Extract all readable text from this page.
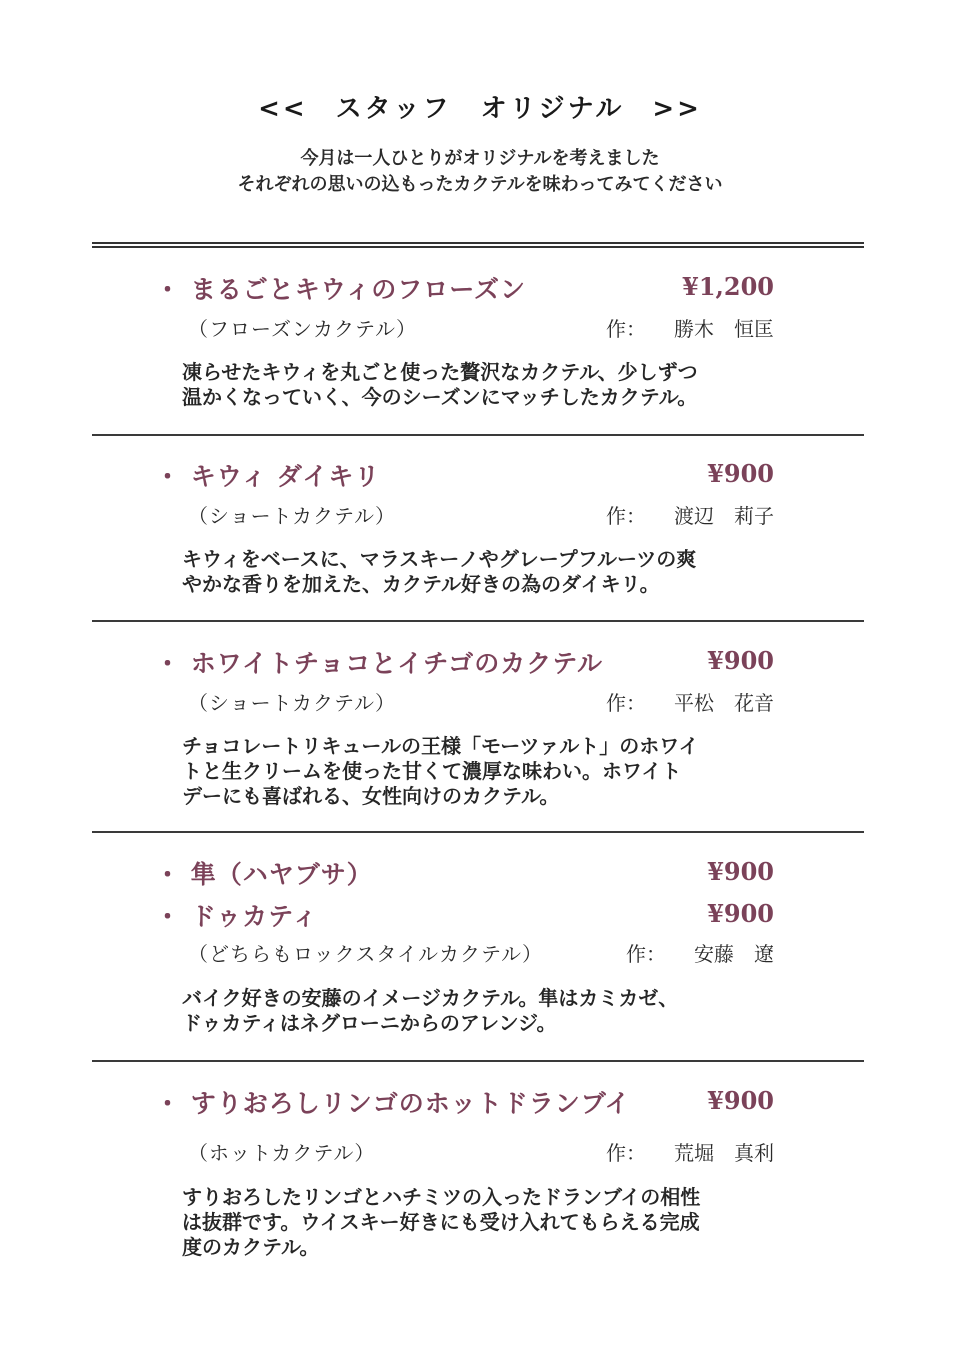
<< スタッフ　オリジナル >>
今月は一人ひとりがオリジナルを考えました
それぞれの思いの込もったカクテルを味わってみてください
・ まるごとキウィのフローズン	¥1,200
（フローズンカクテル）	作： 勝木　恒匡
凍らせたキウィを丸ごと使った贅沢なカクテル、少しずつ
温かくなっていく、今のシーズンにマッチしたカクテル。
・ キウィ ダイキリ	¥900
（ショートカクテル）	作： 渡辺　莉子
キウィをベースに、マラスキーノやグレープフルーツの爽
やかな香りを加えた、カクテル好きの為のダイキリ。
・ ホワイトチョコとイチゴのカクテル	¥900
（ショートカクテル）	作： 平松　花音
チョコレートリキュールの王様「モーツァルト」のホワイ
トと生クリームを使った甘くて濃厚な味わい。ホワイト
デーにも喜ばれる、女性向けのカクテル。
・ 隼（ハヤブサ）	¥900
・ ドゥカティ	¥900
（どちらもロックスタイルカクテル）	作： 安藤　遼
バイク好きの安藤のイメージカクテル。隼はカミカゼ、
ドゥカティはネグローニからのアレンジ。
・ すりおろしリンゴのホットドランブイ	¥900
（ホットカクテル）	作： 荒堀　真利
すりおろしたリンゴとハチミツの入ったドランブイの相性
は抜群です。ウイスキー好きにも受け入れてもらえる完成
度のカクテル。
